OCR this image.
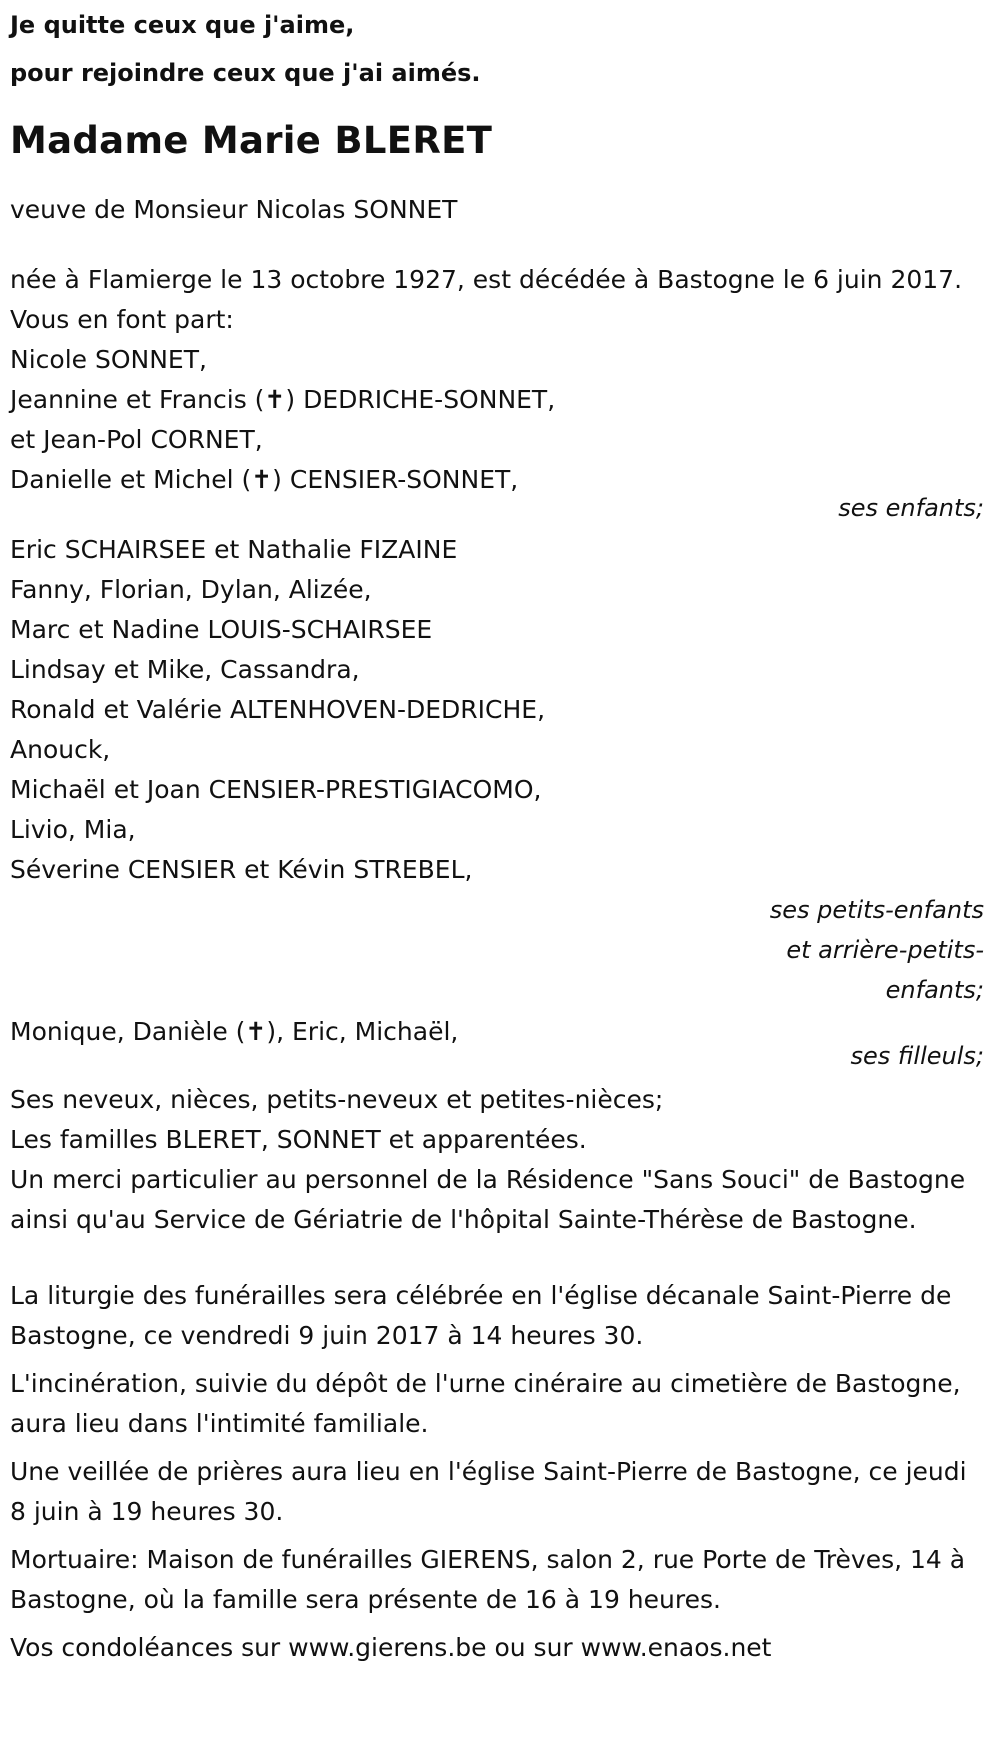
Je quitte ceux que j'aime,
pour rejoindre ceux que j'ai aimés.
Madame Marie BLERET
veuve de Monsieur Nicolas SONNET
née à Flamierge le 13 octobre 1927, est décédée à Bastogne le 6 juin 2017.
Vous en font part:
Nicole SONNET,
Jeannine et Francis (✝) DEDRICHE-SONNET,
et Jean-Pol CORNET,
Danielle et Michel (✝) CENSIER-SONNET,
ses enfants;
Eric SCHAIRSEE et Nathalie FIZAINE
Fanny, Florian, Dylan, Alizée,
Marc et Nadine LOUIS-SCHAIRSEE
Lindsay et Mike, Cassandra,
Ronald et Valérie ALTENHOVEN-DEDRICHE,
Anouck,
Michaël et Joan CENSIER-PRESTIGIACOMO,
Livio, Mia,
Séverine CENSIER et Kévin STREBEL,
ses petits-enfants
et arrière-petits-
enfants;
Monique, Danièle (✝), Eric, Michaël,
ses filleuls;
Ses neveux, nièces, petits-neveux et petites-nièces;
Les familles BLERET, SONNET et apparentées.
Un merci particulier au personnel de la Résidence "Sans Souci" de Bastogne ainsi qu'au Service de Gériatrie de l'hôpital Sainte-Thérèse de Bastogne.
La liturgie des funérailles sera célébrée en l'église décanale Saint-Pierre de Bastogne, ce vendredi 9 juin 2017 à 14 heures 30.
L'incinération, suivie du dépôt de l'urne cinéraire au cimetière de Bastogne, aura lieu dans l'intimité familiale.
Une veillée de prières aura lieu en l'église Saint-Pierre de Bastogne, ce jeudi 8 juin à 19 heures 30.
Mortuaire: Maison de funérailles GIERENS, salon 2, rue Porte de Trèves, 14 à Bastogne, où la famille sera présente de 16 à 19 heures.
Vos condoléances sur www.gierens.be ou sur www.enaos.net
